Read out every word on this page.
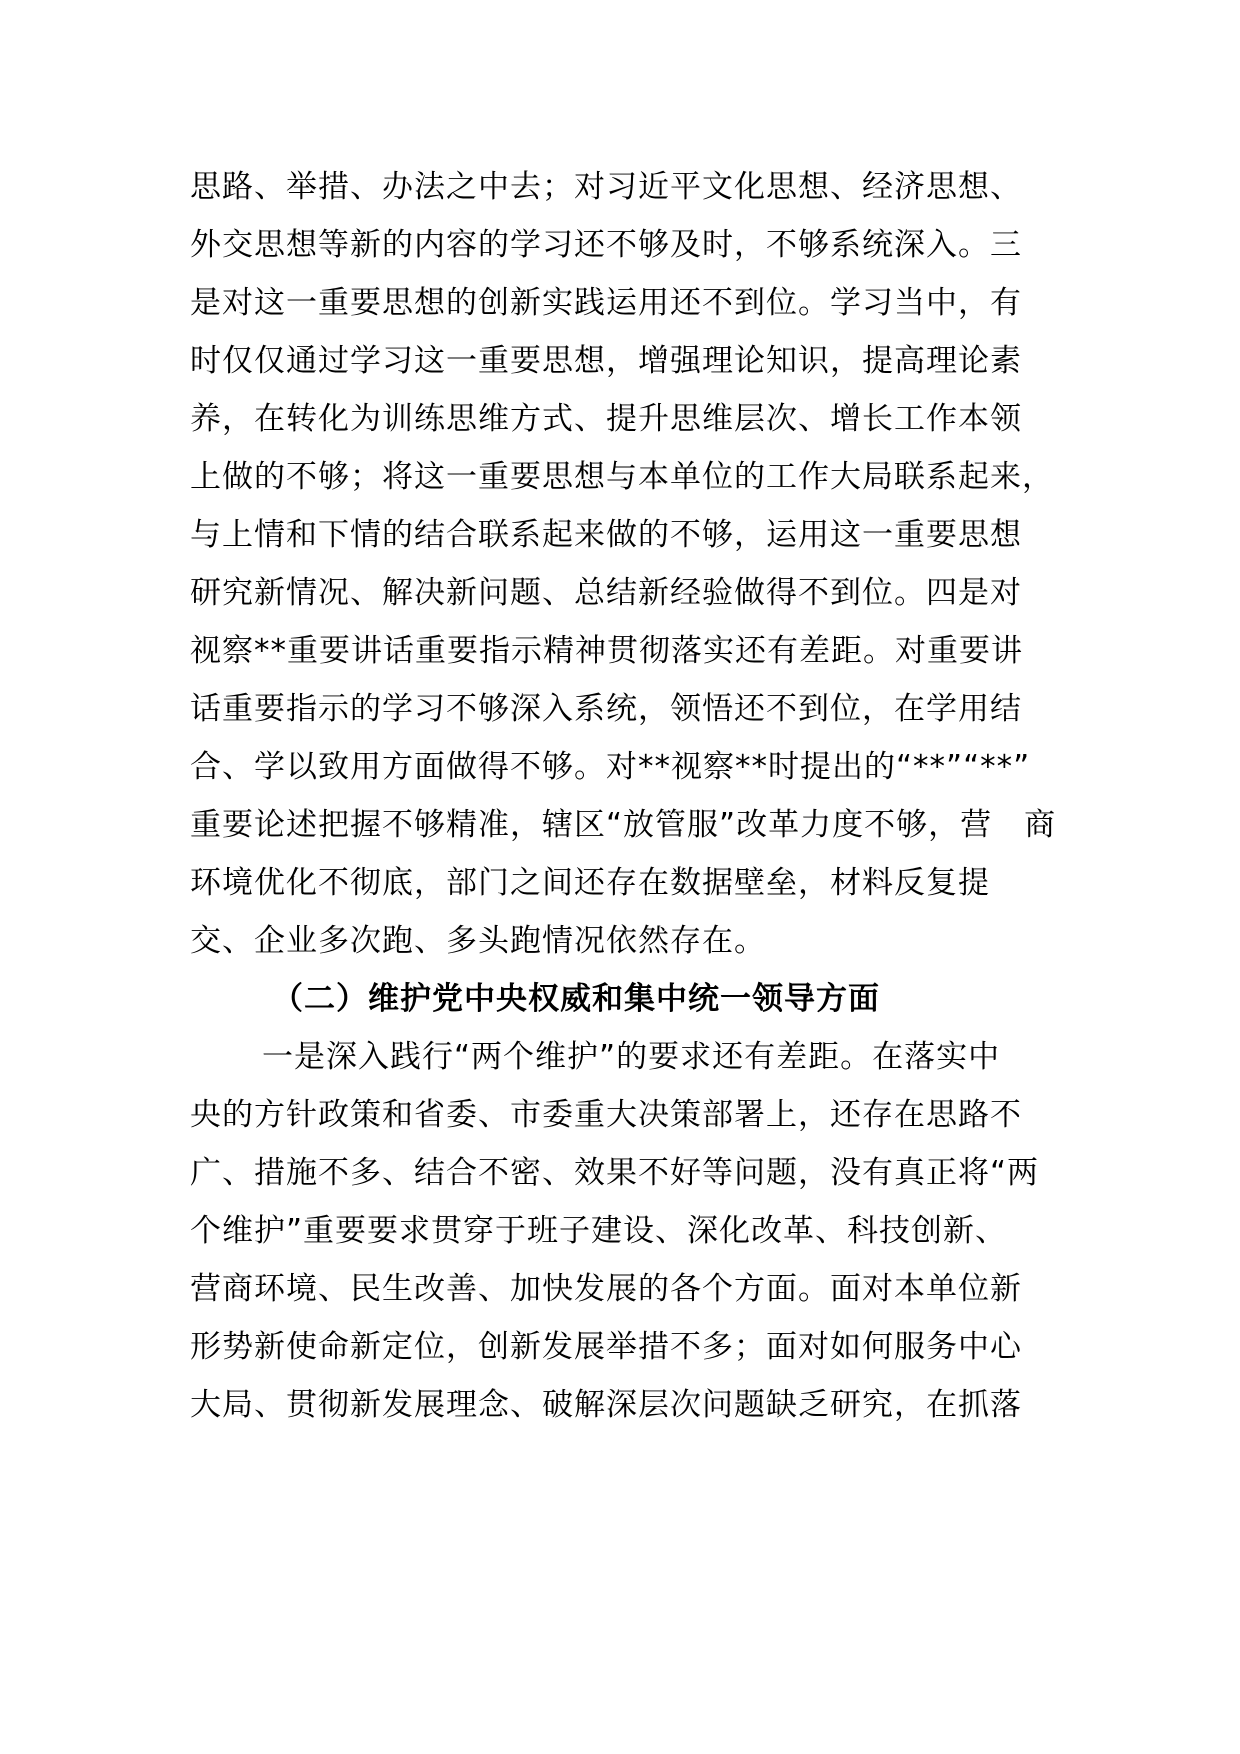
思路、举措、办法之中去；对习近平文化思想、经济思想、
外交思想等新的内容的学习还不够及时，不够系统深入。三
是对这一重要思想的创新实践运用还不到位。学习当中，有
时仅仅通过学习这一重要思想，增强理论知识，提高理论素
养，在转化为训练思维方式、提升思维层次、增长工作本领
上做的不够；将这一重要思想与本单位的工作大局联系起来，
与上情和下情的结合联系起来做的不够，运用这一重要思想
研究新情况、解决新问题、总结新经验做得不到位。四是对
视察**重要讲话重要指示精神贯彻落实还有差距。对重要讲
话重要指示的学习不够深入系统，领悟还不到位，在学用结
合、学以致用方面做得不够。对**视察**时提出的“**”“**”
重要论述把握不够精准，辖区“放管服”改革力度不够，营　商
环境优化不彻底，部门之间还存在数据壁垒，材料反复提
交、企业多次跑、多头跑情况依然存在。
（二）维护党中央权威和集中统一领导方面
一是深入践行“两个维护”的要求还有差距。在落实中
央的方针政策和省委、市委重大决策部署上，还存在思路不
广、措施不多、结合不密、效果不好等问题，没有真正将“两
个维护”重要要求贯穿于班子建设、深化改革、科技创新、
营商环境、民生改善、加快发展的各个方面。面对本单位新
形势新使命新定位，创新发展举措不多；面对如何服务中心
大局、贯彻新发展理念、破解深层次问题缺乏研究，在抓落
